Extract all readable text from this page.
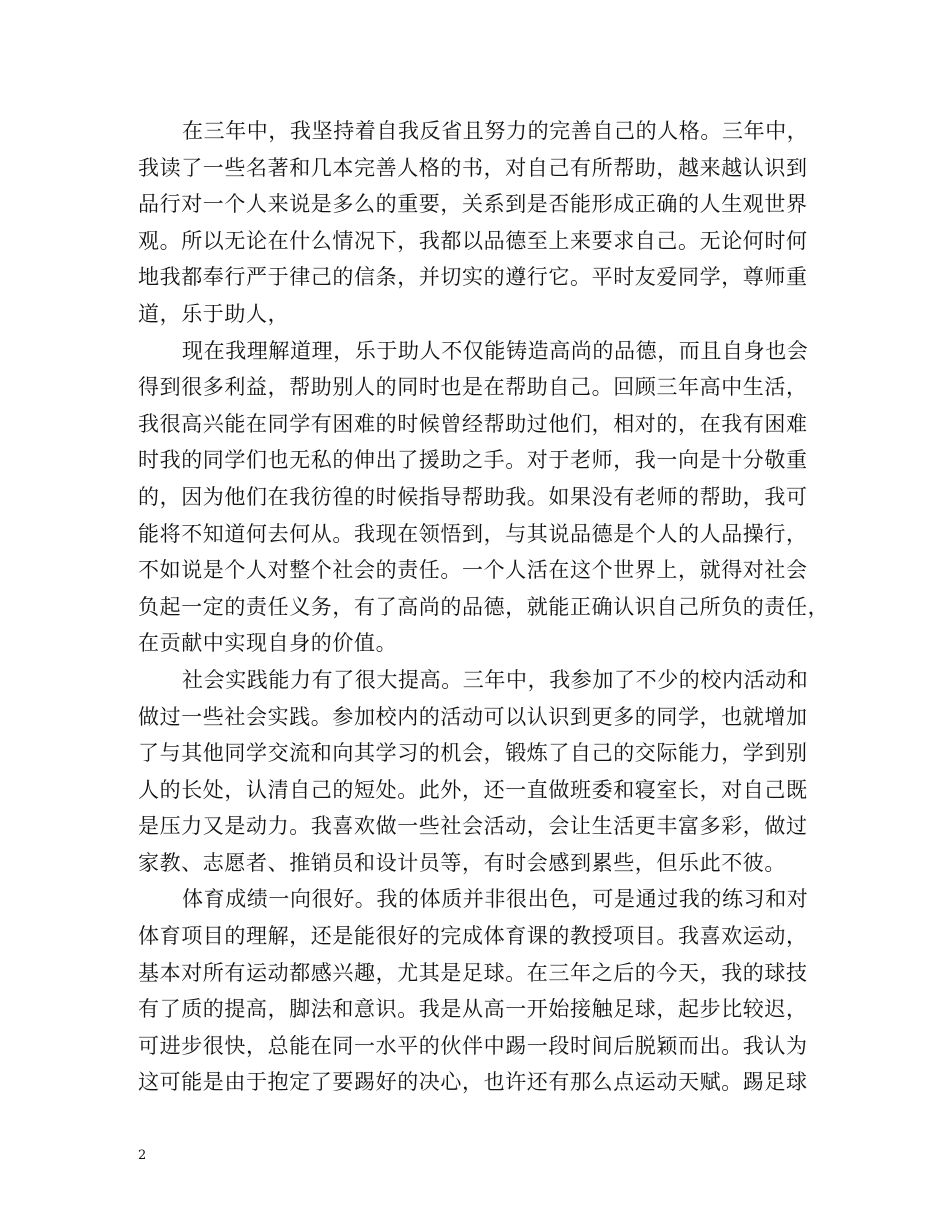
在三年中，我坚持着自我反省且努力的完善自己的人格。三年中，
我读了一些名著和几本完善人格的书，对自己有所帮助，越来越认识到
品行对一个人来说是多么的重要，关系到是否能形成正确的人生观世界
观。所以无论在什么情况下，我都以品德至上来要求自己。无论何时何
地我都奉行严于律己的信条，并切实的遵行它。平时友爱同学，尊师重
道，乐于助人，
现在我理解道理，乐于助人不仅能铸造高尚的品德，而且自身也会
得到很多利益，帮助别人的同时也是在帮助自己。回顾三年高中生活，
我很高兴能在同学有困难的时候曾经帮助过他们，相对的，在我有困难
时我的同学们也无私的伸出了援助之手。对于老师，我一向是十分敬重
的，因为他们在我彷徨的时候指导帮助我。如果没有老师的帮助，我可
能将不知道何去何从。我现在领悟到，与其说品德是个人的人品操行，
不如说是个人对整个社会的责任。一个人活在这个世界上，就得对社会
负起一定的责任义务，有了高尚的品德，就能正确认识自己所负的责任，
在贡献中实现自身的价值。
社会实践能力有了很大提高。三年中，我参加了不少的校内活动和
做过一些社会实践。参加校内的活动可以认识到更多的同学，也就增加
了与其他同学交流和向其学习的机会，锻炼了自己的交际能力，学到别
人的长处，认清自己的短处。此外，还一直做班委和寝室长，对自己既
是压力又是动力。我喜欢做一些社会活动，会让生活更丰富多彩，做过
家教、志愿者、推销员和设计员等，有时会感到累些，但乐此不彼。
体育成绩一向很好。我的体质并非很出色，可是通过我的练习和对
体育项目的理解，还是能很好的完成体育课的教授项目。我喜欢运动，
基本对所有运动都感兴趣，尤其是足球。在三年之后的今天，我的球技
有了质的提高，脚法和意识。我是从高一开始接触足球，起步比较迟，
可进步很快，总能在同一水平的伙伴中踢一段时间后脱颖而出。我认为
这可能是由于抱定了要踢好的决心，也许还有那么点运动天赋。踢足球
2
